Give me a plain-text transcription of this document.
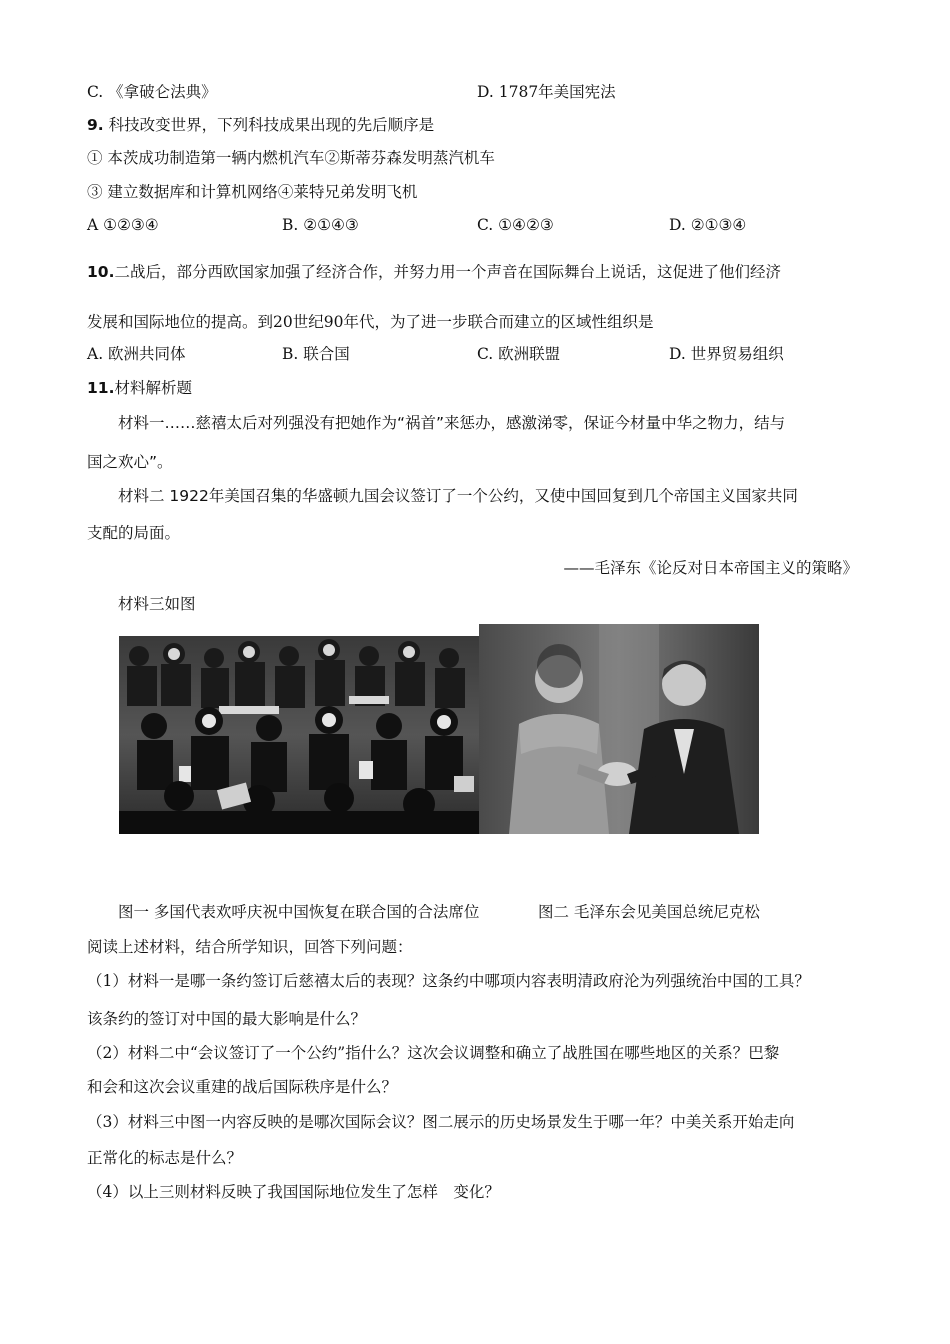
C. 《拿破仑法典》	D. 1787年美国宪法
9. 科技改变世界，下列科技成果出现的先后顺序是
① 本茨成功制造第一辆内燃机汽车②斯蒂芬森发明蒸汽机车
③ 建立数据库和计算机网络④莱特兄弟发明飞机
A ①②③④	B. ②①④③	C. ①④②③	D. ②①③④
10.二战后，部分西欧国家加强了经济合作，并努力用一个声音在国际舞台上说话，这促进了他们经济
发展和国际地位的提高。到20世纪90年代，为了进一步联合而建立的区域性组织是
A. 欧洲共同体	B. 联合国	C. 欧洲联盟	D. 世界贸易组织
11.材料解析题
材料一……慈禧太后对列强没有把她作为“祸首”来惩办，感激涕零，保证今材量中华之物力，结与
国之欢心”。
材料二 1922年美国召集的华盛顿九国会议签订了一个公约，又使中国回复到几个帝国主义国家共同
支配的局面。
——毛泽东《论反对日本帝国主义的策略》
材料三如图
图一 多国代表欢呼庆祝中国恢复在联合国的合法席位	图二 毛泽东会见美国总统尼克松
阅读上述材料，结合所学知识，回答下列问题：
（1）材料一是哪一条约签订后慈禧太后的表现？这条约中哪项内容表明清政府沦为列强统治中国的工具？
该条约的签订对中国的最大影响是什么？
（2）材料二中“会议签订了一个公约”指什么？这次会议调整和确立了战胜国在哪些地区的关系？巴黎
和会和这次会议重建的战后国际秩序是什么？
（3）材料三中图一内容反映的是哪次国际会议？图二展示的历史场景发生于哪一年？中美关系开始走向
正常化的标志是什么？
（4）以上三则材料反映了我国国际地位发生了怎样　变化？
